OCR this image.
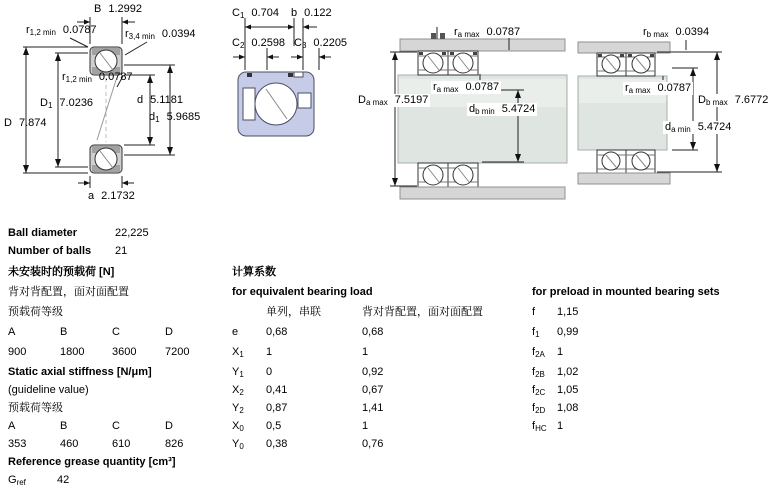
B 1.2992
$r_{1,2 min}$ 0.0787	$r_{3,4 min}$ 0.0394
$r_{1,2 min}$ 0.0787
$D_1$ 7.0236	d 5.1181
D 7.874	$d_1$ 5.9685
a 2.1732
$C_1$ 0.704 b 0.122
$C_2$ 0.2598 $C_3$ 0.2205
$r_{a max}$ 0.0787
$D_{a max}$ 7.5197
$r_{a max}$ 0.0787
$d_{b min}$ 5.4724
$r_{b max}$ 0.0394
$r_{a max}$ 0.0787
$D_{b max}$ 7.6772
$d_{a min}$ 5.4724
Ball diameter	22,225
Number of balls 21
未安装时的预载荷 [N]
背对背配置，面对面配置
预载荷等级
A	B	C	D
900	1800	3600	7200
Static axial stiffness [N/μm]
(guideline value)
预载荷等级
A	B	C	D
353	460	610	826
Reference grease quantity [cm³]
$G_{ref}$	42
计算系数
for equivalent bearing load
单列，串联	背对背配置，面对面配置
e	0,68	0,68
$X_1$ 1	1
$Y_1$ 0	0,92
$X_2$ 0,41	0,67
$Y_2$ 0,87	1,41
$X_0$ 0,5	1
$Y_0$ 0,38	0,76
for preload in mounted bearing sets
f 1,15
$f_1$ 0,99
$f_{2A}$ 1
$f_{2B}$ 1,02
$f_{2C}$ 1,05
$f_{2D}$ 1,08
$f_{HC}$ 1
